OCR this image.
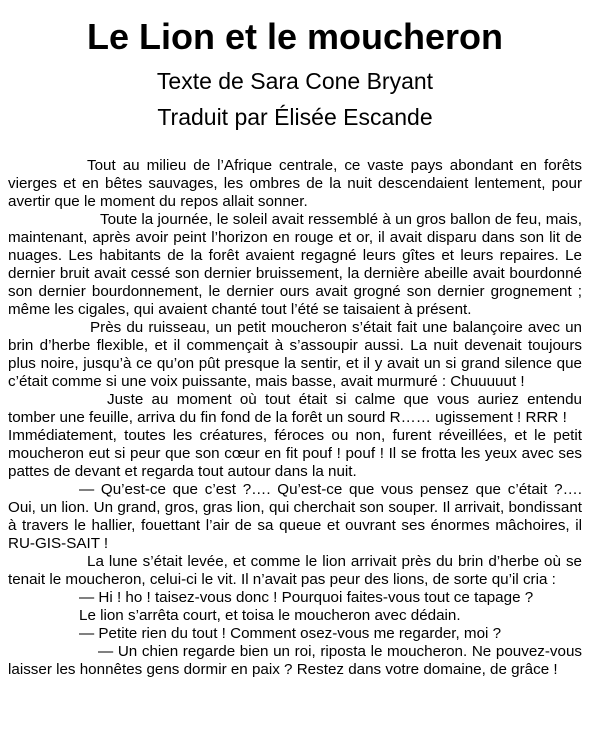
Le Lion et le moucheron
Texte de Sara Cone Bryant
Traduit par Élisée Escande

Tout au milieu de l’Afrique centrale, ce vaste pays abondant en forêts vierges et en bêtes sauvages, les ombres de la nuit descendaient lentement, pour avertir que le moment du repos allait sonner.

Toute la journée, le soleil avait ressemblé à un gros ballon de feu, mais, maintenant, après avoir peint l’horizon en rouge et or, il avait disparu dans son lit de nuages. Les habitants de la forêt avaient regagné leurs gîtes et leurs repaires. Le dernier bruit avait cessé son dernier bruissement, la dernière abeille avait bourdonné son dernier bourdonnement, le dernier ours avait grogné son dernier grognement ; même les cigales, qui avaient chanté tout l’été se taisaient à présent.

Près du ruisseau, un petit moucheron s’était fait une balançoire avec un brin d’herbe flexible, et il commençait à s’assoupir aussi. La nuit devenait toujours plus noire, jusqu’à ce qu’on pût presque la sentir, et il y avait un si grand silence que c’était comme si une voix puissante, mais basse, avait murmuré : Chuuuuut !

Juste au moment où tout était si calme que vous auriez entendu tomber une feuille, arriva du fin fond de la forêt un sourd R…… ugissement ! RRR !

Immédiatement, toutes les créatures, féroces ou non, furent réveillées, et le petit moucheron eut si peur que son cœur en fit pouf ! pouf ! Il se frotta les yeux avec ses pattes de devant et regarda tout autour dans la nuit.

— Qu’est-ce que c’est ?…. Qu’est-ce que vous pensez que c’était ?…. Oui, un lion. Un grand, gros, gras lion, qui cherchait son souper. Il arrivait, bondissant à travers le hallier, fouettant l’air de sa queue et ouvrant ses énormes mâchoires, il RU-GIS-SAIT !

La lune s’était levée, et comme le lion arrivait près du brin d’herbe où se tenait le moucheron, celui-ci le vit. Il n’avait pas peur des lions, de sorte qu’il cria :

— Hi ! ho ! taisez-vous donc ! Pourquoi faites-vous tout ce tapage ?

Le lion s’arrêta court, et toisa le moucheron avec dédain.

— Petite rien du tout ! Comment osez-vous me regarder, moi ?

— Un chien regarde bien un roi, riposta le moucheron. Ne pouvez-vous laisser les honnêtes gens dormir en paix ? Restez dans votre domaine, de grâce !
